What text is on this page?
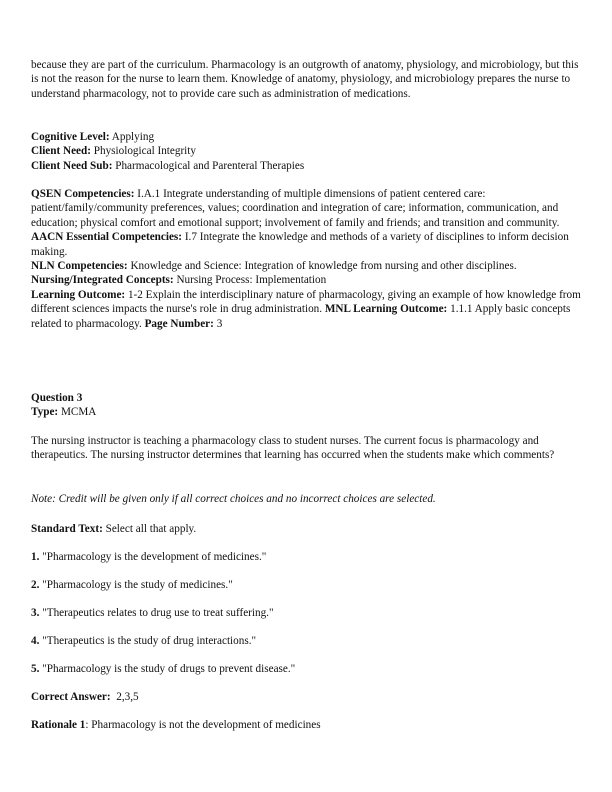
because they are part of the curriculum. Pharmacology is an outgrowth of anatomy, physiology, and microbiology, but this is not the reason for the nurse to learn them. Knowledge of anatomy, physiology, and microbiology prepares the nurse to understand pharmacology, not to provide care such as administration of medications.

Cognitive Level: Applying

Client Need: Physiological Integrity

Client Need Sub: Pharmacological and Parenteral Therapies

QSEN Competencies: I.A.1 Integrate understanding of multiple dimensions of patient centered care: patient/family/community preferences, values; coordination and integration of care; information, communication, and education; physical comfort and emotional support; involvement of family and friends; and transition and community.

AACN Essential Competencies: I.7 Integrate the knowledge and methods of a variety of disciplines to inform decision making.

NLN Competencies: Knowledge and Science: Integration of knowledge from nursing and other disciplines.

Nursing/Integrated Concepts: Nursing Process: Implementation

Learning Outcome: 1-2 Explain the interdisciplinary nature of pharmacology, giving an example of how knowledge from different sciences impacts the nurse's role in drug administration. MNL Learning Outcome: 1.1.1 Apply basic concepts related to pharmacology. Page Number: 3

Question 3

Type: MCMA

The nursing instructor is teaching a pharmacology class to student nurses. The current focus is pharmacology and therapeutics. The nursing instructor determines that learning has occurred when the students make which comments?

Note: Credit will be given only if all correct choices and no incorrect choices are selected.

Standard Text: Select all that apply.

1. "Pharmacology is the development of medicines."

2. "Pharmacology is the study of medicines."

3. "Therapeutics relates to drug use to treat suffering."

4. "Therapeutics is the study of drug interactions."

5. "Pharmacology is the study of drugs to prevent disease."

Correct Answer:  2,3,5

Rationale 1: Pharmacology is not the development of medicines
